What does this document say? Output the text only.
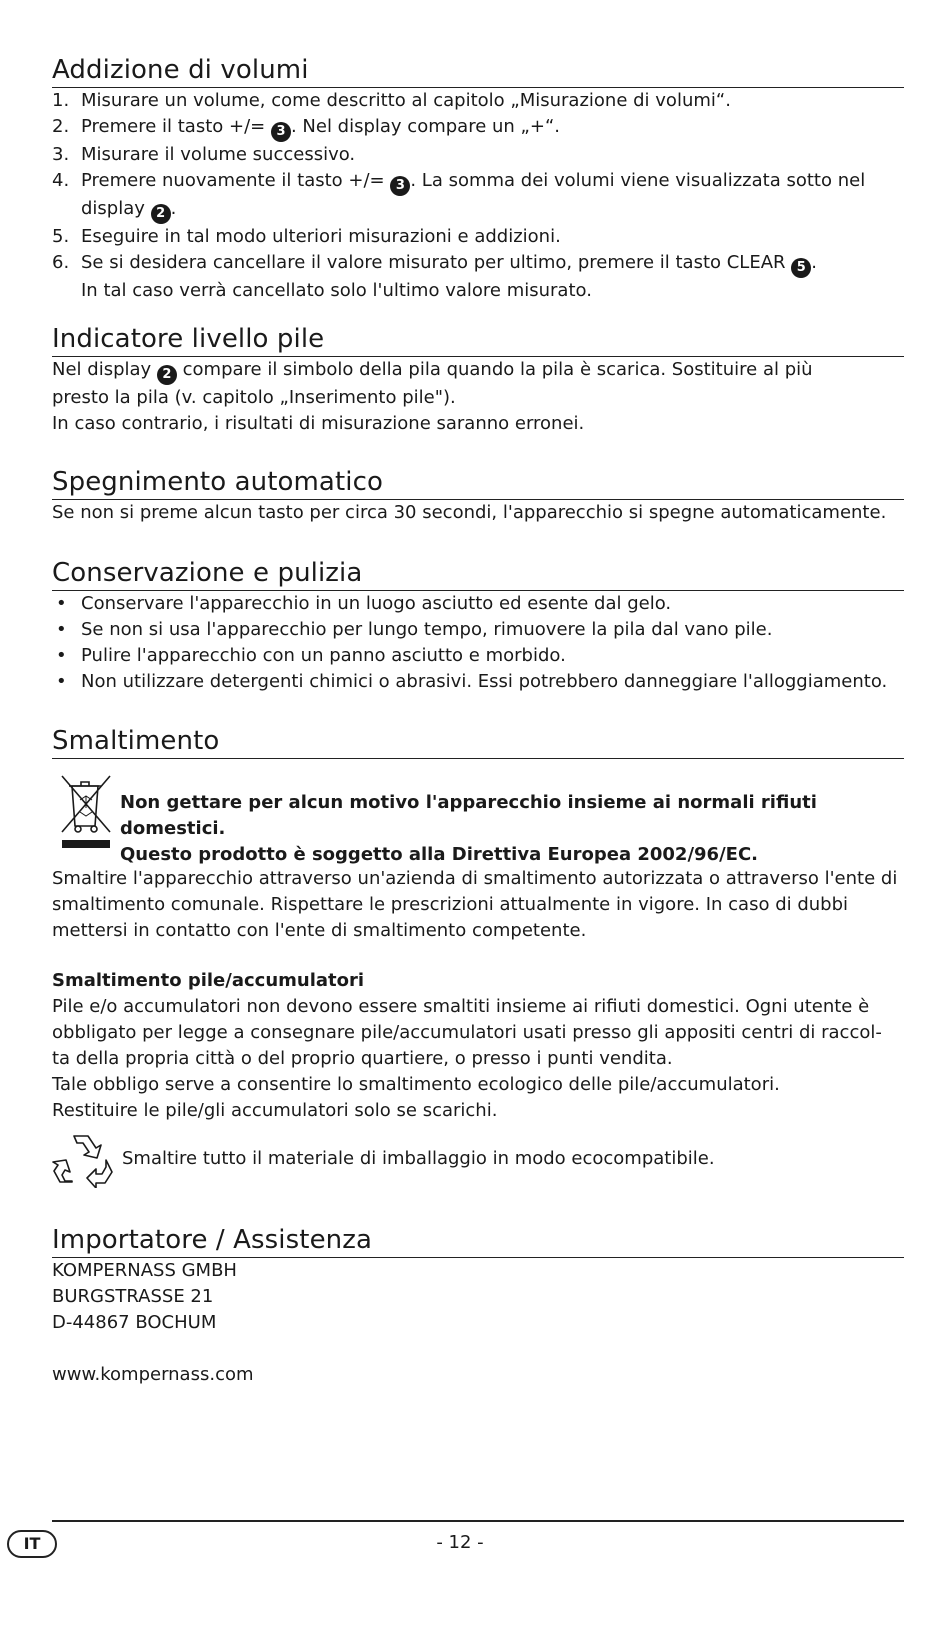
Addizione di volumi
1. Misurare un volume, come descritto al capitolo „Misurazione di volumi“.
2. Premere il tasto +/= 3 . Nel display compare un „+“.
3. Misurare il volume successivo.
4. Premere nuovamente il tasto +/= 3 . La somma dei volumi viene visualizzata sotto nel
display 2 .
5. Eseguire in tal modo ulteriori misurazioni e addizioni.
6. Se si desidera cancellare il valore misurato per ultimo, premere il tasto CLEAR 5 .
In tal caso verrà cancellato solo l'ultimo valore misurato.
Indicatore livello pile

Nel display 2 compare il simbolo della pila quando la pila è scarica. Sostituire al più
presto la pila (v. capitolo „Inserimento pile").
In caso contrario, i risultati di misurazione saranno erronei.

Spegnimento automatico

Se non si preme alcun tasto per circa 30 secondi, l'apparecchio si spegne automaticamente.

Conservazione e pulizia
• Conservare l'apparecchio in un luogo asciutto ed esente dal gelo.
• Se non si usa l'apparecchio per lungo tempo, rimuovere la pila dal vano pile.
• Pulire l'apparecchio con un panno asciutto e morbido.
• Non utilizzare detergenti chimici o abrasivi. Essi potrebbero danneggiare l'alloggiamento.
Smaltimento

Non gettare per alcun motivo l'apparecchio insieme ai normali rifiuti domestici.

Questo prodotto è soggetto alla Direttiva Europea 2002/96/EC.

Smaltire l'apparecchio attraverso un'azienda di smaltimento autorizzata o attraverso l'ente di

smaltimento comunale. Rispettare le prescrizioni attualmente in vigore. In caso di dubbi

mettersi in contatto con l'ente di smaltimento competente.

Smaltimento pile/accumulatori

Pile e/o accumulatori non devono essere smaltiti insieme ai rifiuti domestici. Ogni utente è

obbligato per legge a consegnare pile/accumulatori usati presso gli appositi centri di raccol-

ta della propria città o del proprio quartiere, o presso i punti vendita.

Tale obbligo serve a consentire lo smaltimento ecologico delle pile/accumulatori.

Restituire le pile/gli accumulatori solo se scarichi.

Smaltire tutto il materiale di imballaggio in modo ecocompatibile.

Importatore / Assistenza

KOMPERNASS GMBH

BURGSTRASSE 21

D-44867 BOCHUM

www.kompernass.com

IT	- 12 -
